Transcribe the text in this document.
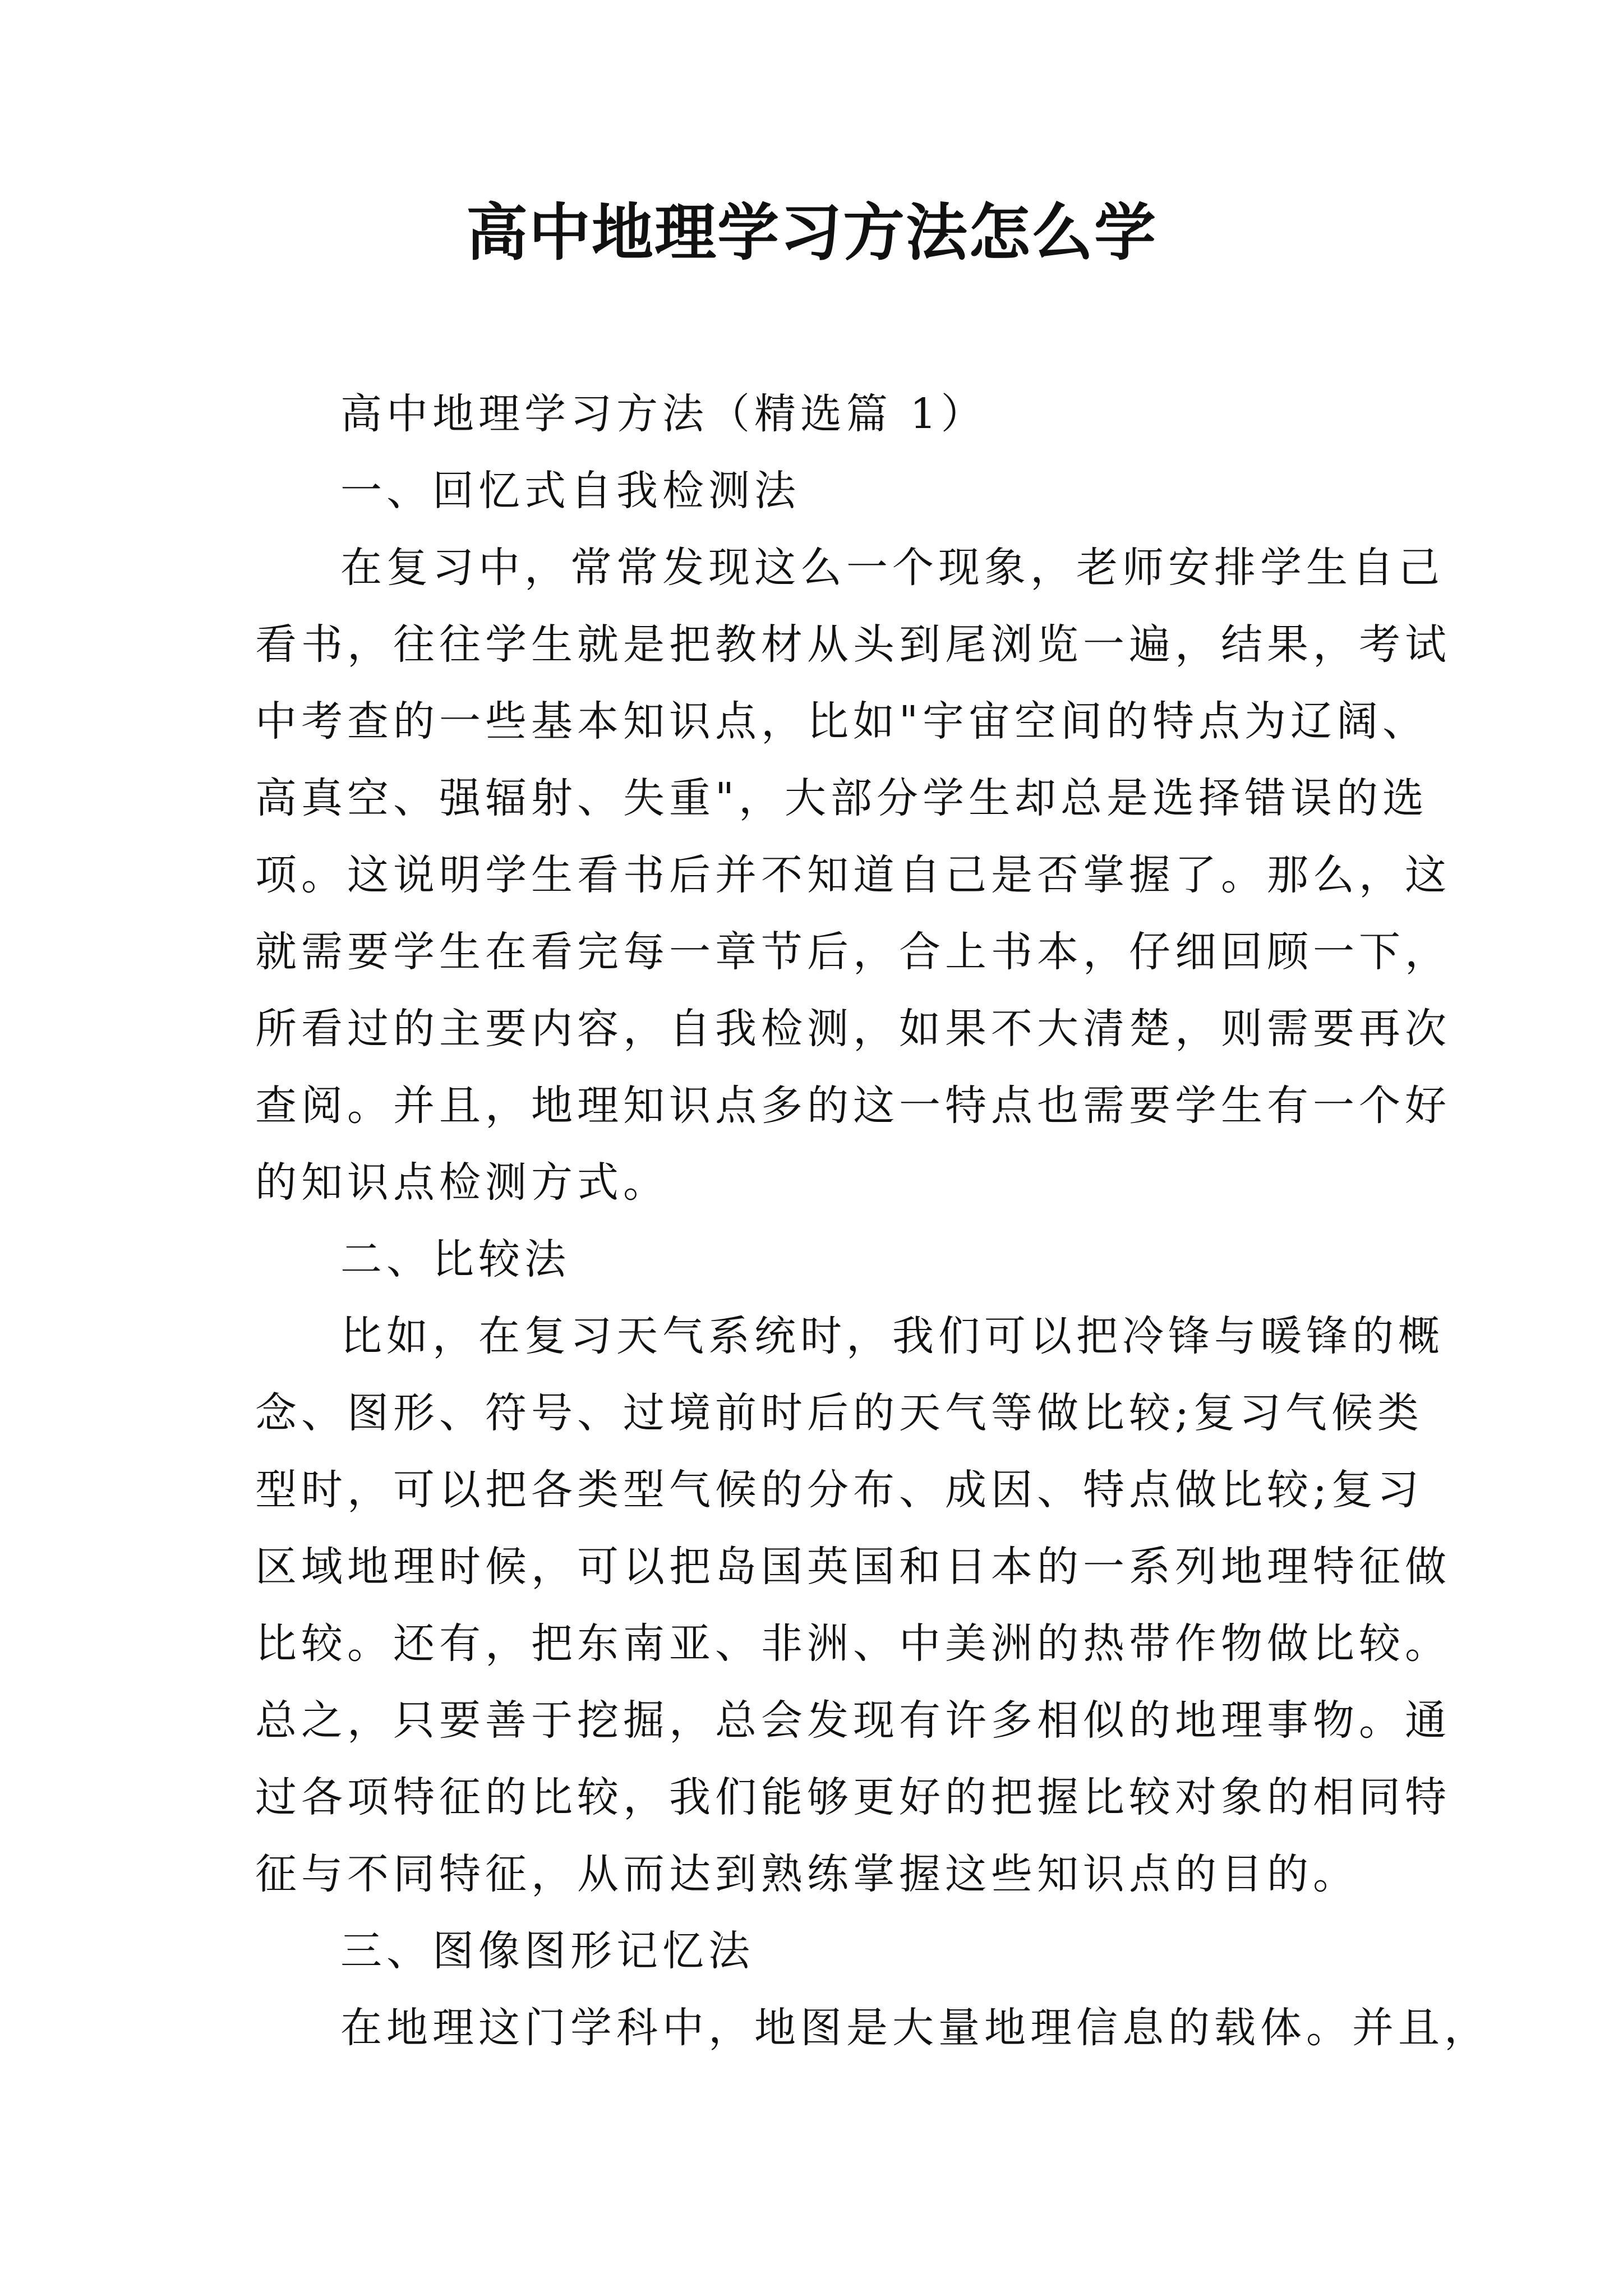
高中地理学习方法怎么学
高中地理学习方法（精选篇 1）
一、回忆式自我检测法
在复习中，常常发现这么一个现象，老师安排学生自己
看书，往往学生就是把教材从头到尾浏览一遍，结果，考试
中考查的一些基本知识点，比如"宇宙空间的特点为辽阔、
高真空、强辐射、失重"，大部分学生却总是选择错误的选
项。这说明学生看书后并不知道自己是否掌握了。那么，这
就需要学生在看完每一章节后，合上书本，仔细回顾一下，
所看过的主要内容，自我检测，如果不大清楚，则需要再次
查阅。并且，地理知识点多的这一特点也需要学生有一个好
的知识点检测方式。
二、比较法
比如，在复习天气系统时，我们可以把冷锋与暖锋的概
念、图形、符号、过境前时后的天气等做比较;复习气候类
型时，可以把各类型气候的分布、成因、特点做比较;复习
区域地理时候，可以把岛国英国和日本的一系列地理特征做
比较。还有，把东南亚、非洲、中美洲的热带作物做比较。
总之，只要善于挖掘，总会发现有许多相似的地理事物。通
过各项特征的比较，我们能够更好的把握比较对象的相同特
征与不同特征，从而达到熟练掌握这些知识点的目的。
三、图像图形记忆法
在地理这门学科中，地图是大量地理信息的载体。并且，
